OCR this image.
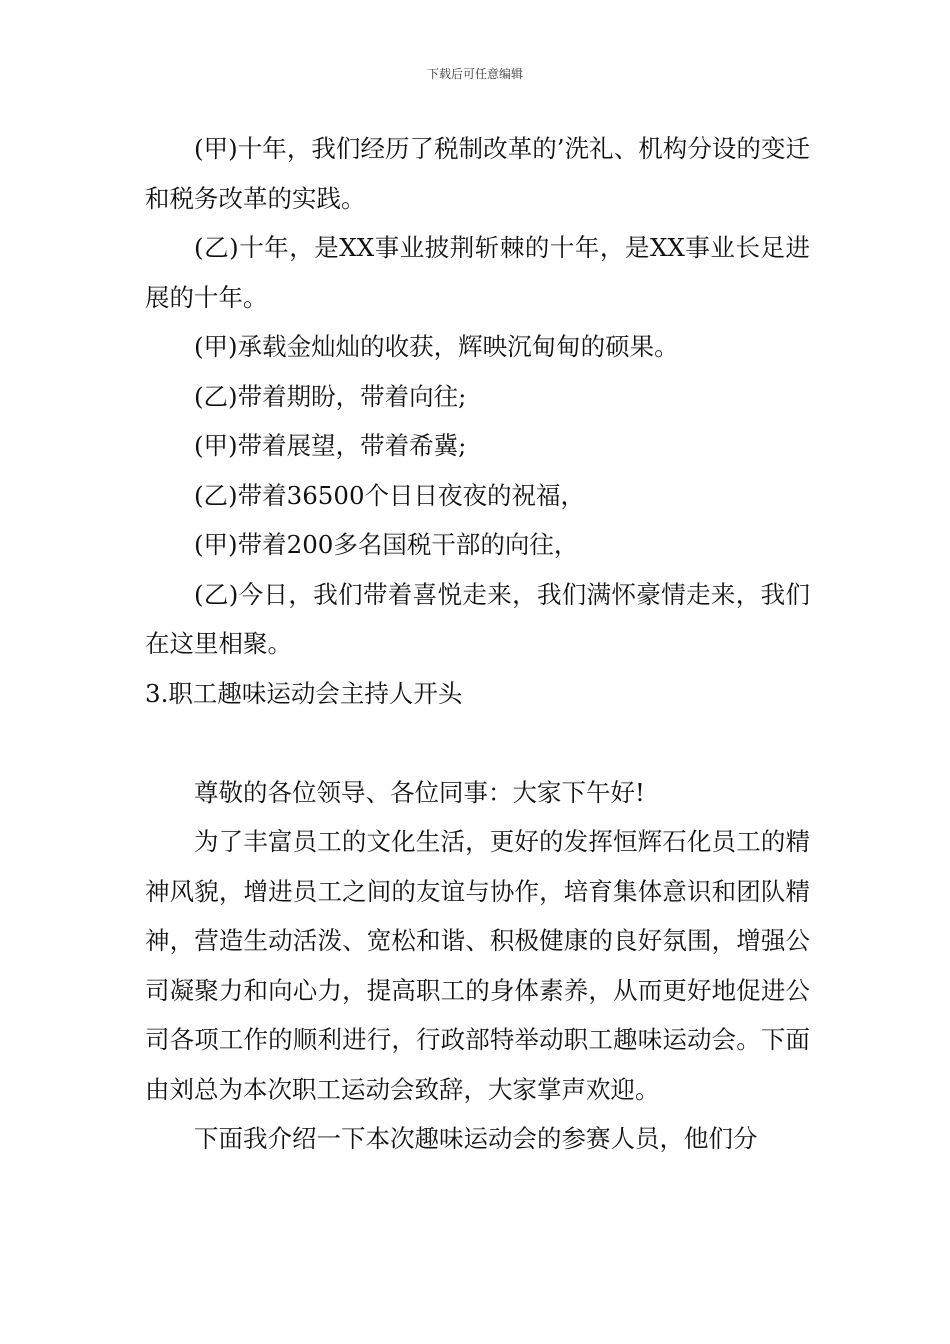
下载后可任意编辑

(甲)十年，我们经历了税制改革的’洗礼、机构分设的变迁和税务改革的实践。

(乙)十年，是XX事业披荆斩棘的十年，是XX事业长足进展的十年。

(甲)承载金灿灿的收获，辉映沉甸甸的硕果。

(乙)带着期盼，带着向往;

(甲)带着展望，带着希冀;

(乙)带着36500个日日夜夜的祝福，

(甲)带着200多名国税干部的向往，

(乙)今日，我们带着喜悦走来，我们满怀豪情走来，我们在这里相聚。

3.职工趣味运动会主持人开头

尊敬的各位领导、各位同事：大家下午好!

为了丰富员工的文化生活，更好的发挥恒辉石化员工的精神风貌，增进员工之间的友谊与协作，培育集体意识和团队精神，营造生动活泼、宽松和谐、积极健康的良好氛围，增强公司凝聚力和向心力，提高职工的身体素养，从而更好地促进公司各项工作的顺利进行，行政部特举动职工趣味运动会。下面由刘总为本次职工运动会致辞，大家掌声欢迎。

下面我介绍一下本次趣味运动会的参赛人员，他们分
